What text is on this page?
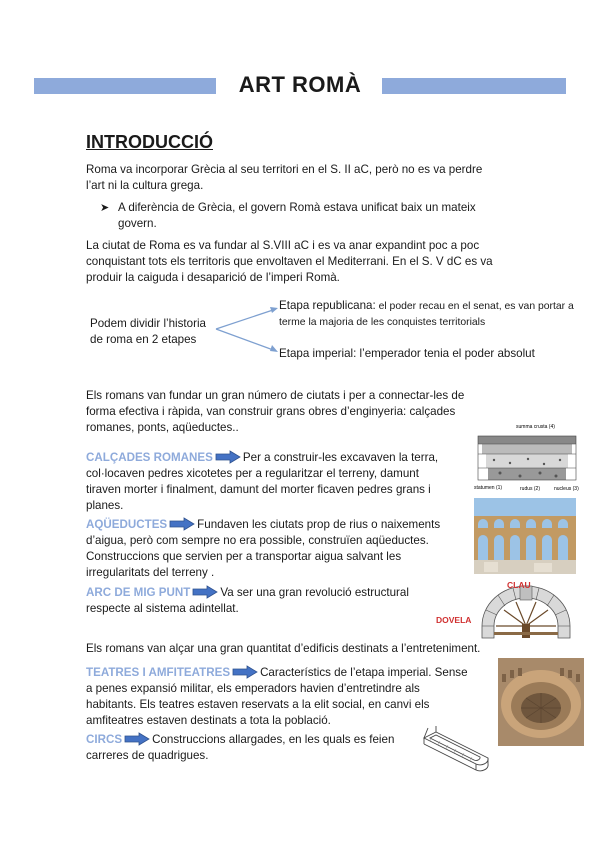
ART ROMÀ
INTRODUCCIÓ
Roma va incorporar Grècia al seu territori en el S. II aC, però no es va perdre
l’art ni la cultura grega.
➤ A diferència de Grècia, el govern Romà estava unificat baix un mateix
govern.
La ciutat de Roma es va fundar al S.VIII aC i es va anar expandint poc a poc
conquistant tots els territoris que envoltaven el Mediterrani. En el S. V dC es va
produir la caiguda i desaparició de l’imperi Romà.
Podem dividir l’historia
de roma en 2 etapes
Etapa republicana: el poder recau en el senat, es van portar a
terme la majoria de les conquistes territorials
Etapa imperial: l’emperador tenia el poder absolut
Els romans van fundar un gran número de ciutats i per a connectar-les de
forma efectiva i ràpida, van construir grans obres d’enginyeria: calçades
romanes, ponts, aqüeductes..
CALÇADES ROMANES	Per a construir-les excavaven la terra,
col·locaven pedres xicotetes per a regularitzar el terreny, damunt
tiraven morter i finalment, damunt del morter ficaven pedres grans i
planes.
summa crusta (4)
statumen (1)	rudus (2)	nucleus (3)
AQÜEDUCTES	Fundaven les ciutats prop de rius o naixements
d’aigua, però com sempre no era possible, construïen aqüeductes.
Construccions que servien per a transportar aigua salvant les
irregularitats del terreny .
ARC DE MIG PUNT	Va ser una gran revolució estructural
respecte al sistema adintellat.
CLAU
DOVELA
Els romans van alçar una gran quantitat d’edificis destinats a l’entreteniment.
TEATRES I AMFITEATRES	Característics de l’etapa imperial. Sense
a penes expansió militar, els emperadors havien d’entretindre als
habitants. Els teatres estaven reservats a la elit social, en canvi els
amfiteatres estaven destinats a tota la població.
CIRCS	Construccions allargades, en les quals es feien
carreres de quadrigues.
